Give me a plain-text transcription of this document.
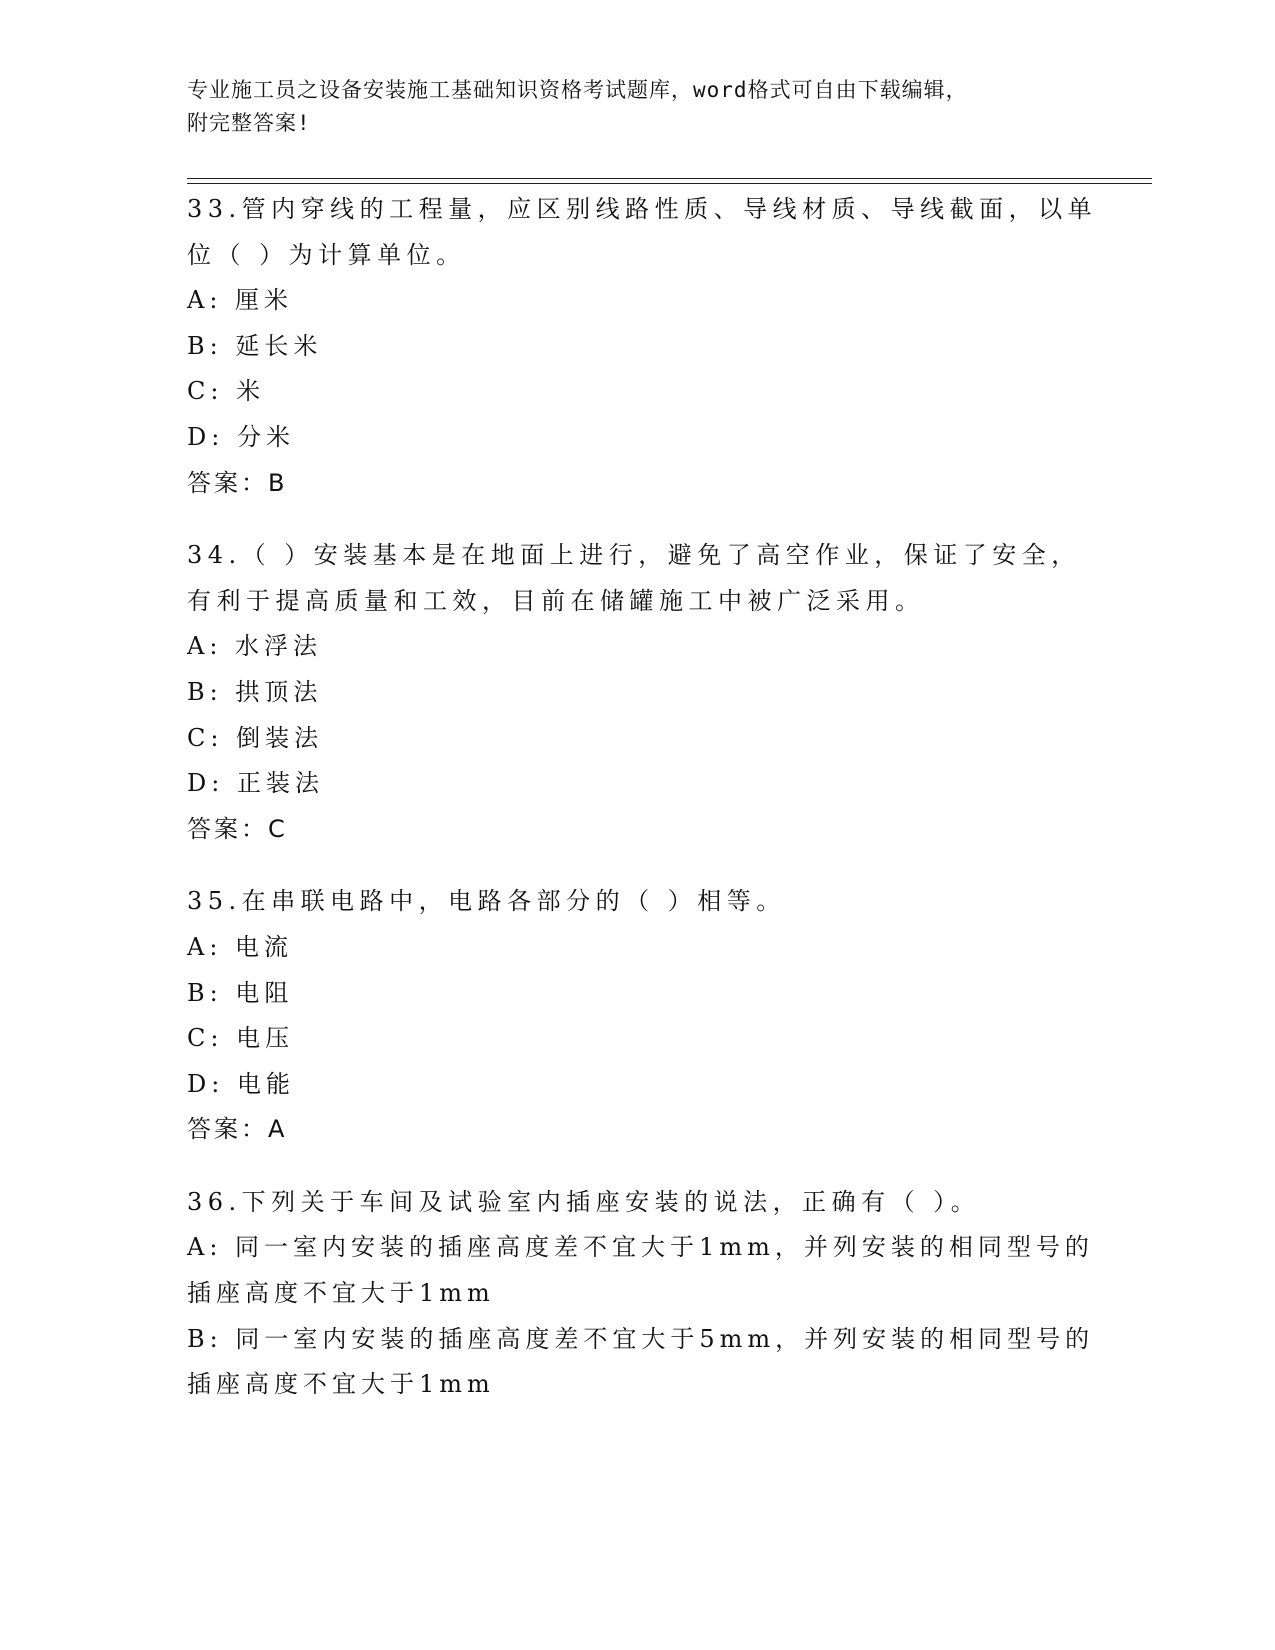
专业施工员之设备安装施工基础知识资格考试题库，word格式可自由下载编辑，
附完整答案!
33.管内穿线的工程量，应区别线路性质、导线材质、导线截面，以单
位（ ）为计算单位。
A: 厘米
B: 延长米
C: 米
D: 分米
答案：B
34.（ ）安装基本是在地面上进行，避免了高空作业，保证了安全，
有利于提高质量和工效，目前在储罐施工中被广泛采用。
A: 水浮法
B: 拱顶法
C: 倒装法
D: 正装法
答案：C
35.在串联电路中，电路各部分的（ ）相等。
A: 电流
B: 电阻
C: 电压
D: 电能
答案：A
36.下列关于车间及试验室内插座安装的说法，正确有（ ）。
A: 同一室内安装的插座高度差不宜大于1mm，并列安装的相同型号的
插座高度不宜大于1mm
B: 同一室内安装的插座高度差不宜大于5mm，并列安装的相同型号的
插座高度不宜大于1mm
